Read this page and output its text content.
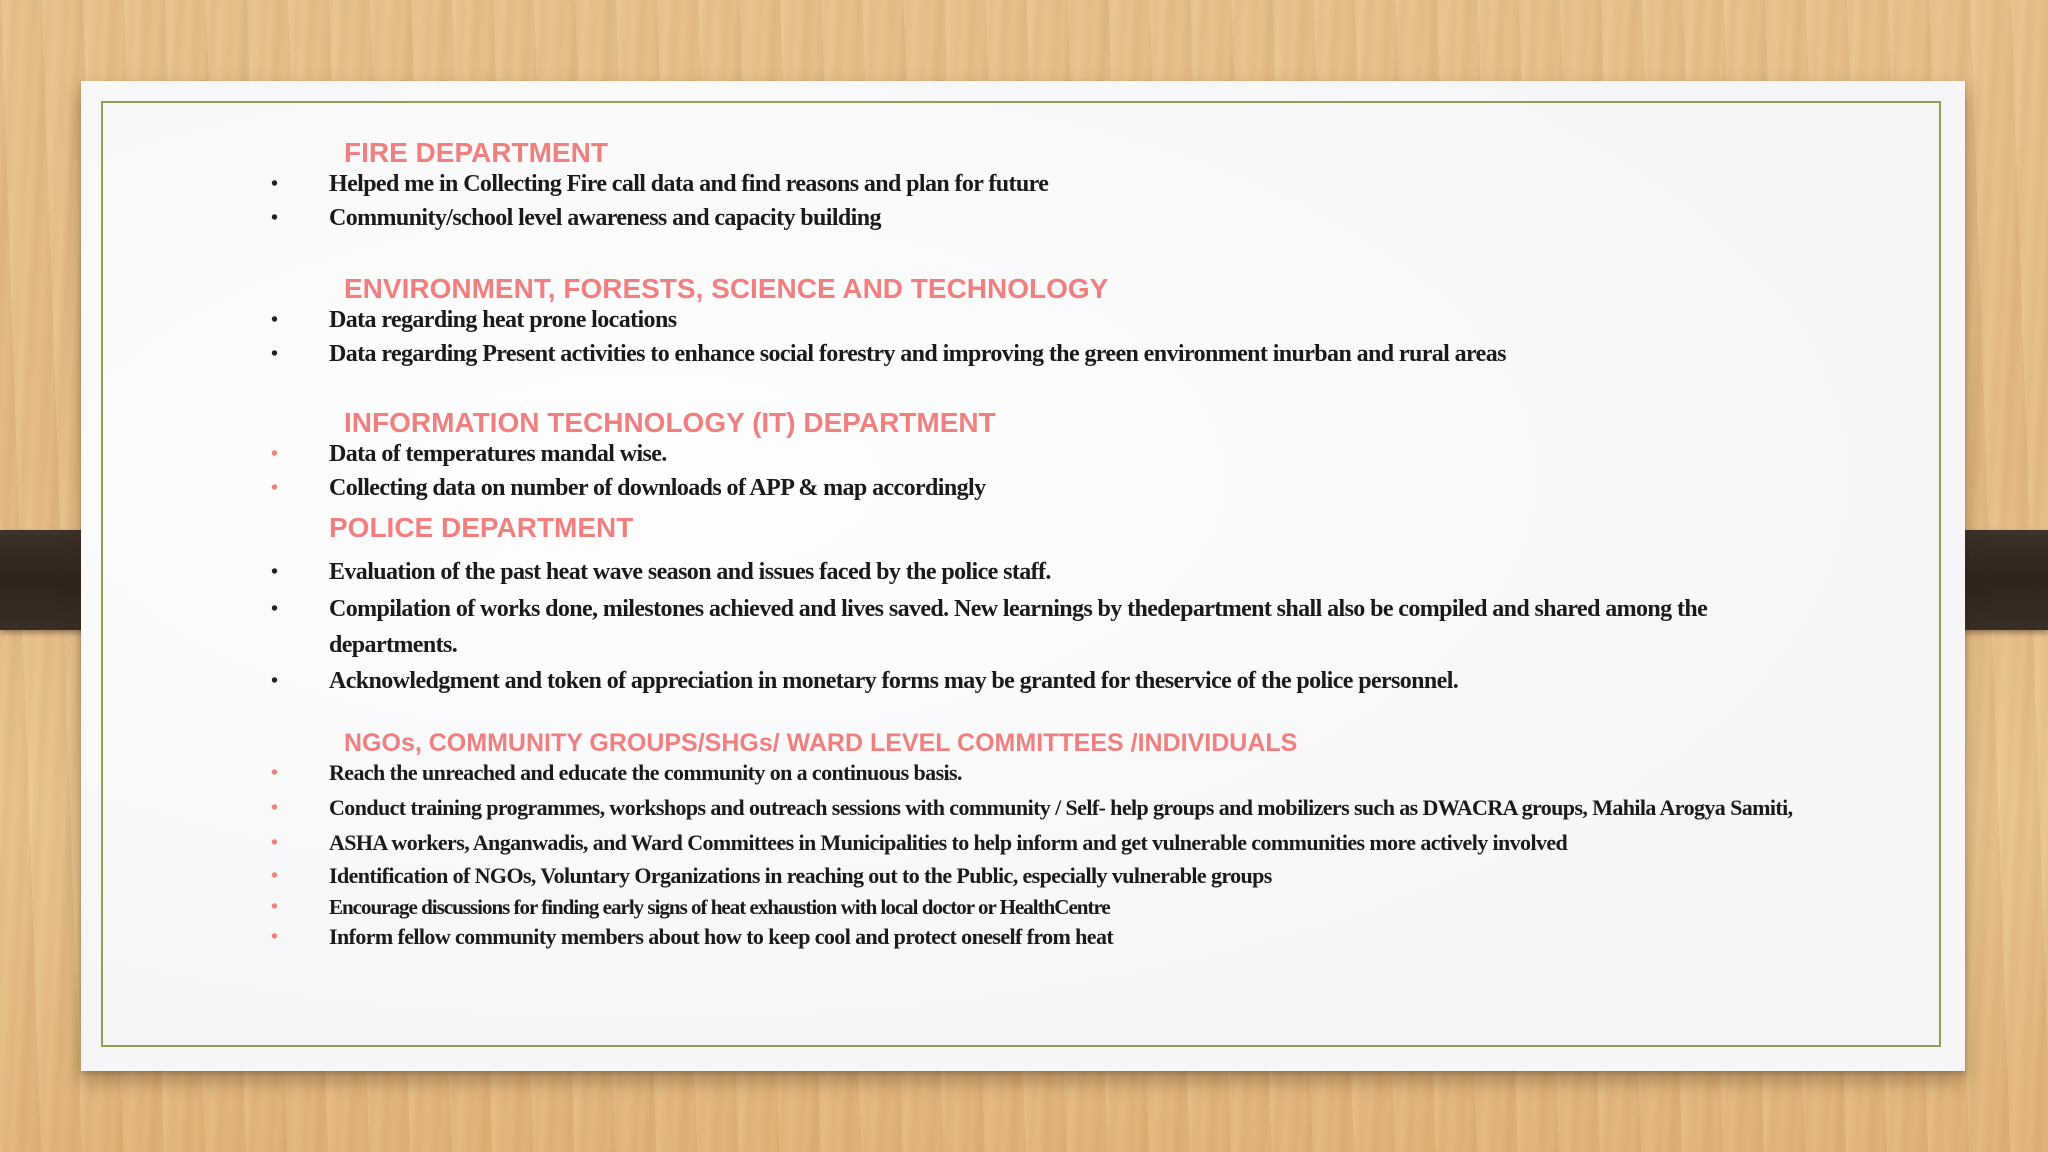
FIRE DEPARTMENT
• Helped me in Collecting Fire call data and find reasons and plan for future
• Community/school level awareness and capacity building
ENVIRONMENT, FORESTS, SCIENCE AND TECHNOLOGY
• Data regarding heat prone locations
• Data regarding Present activities to enhance social forestry and improving the green environment inurban and rural areas
INFORMATION TECHNOLOGY (IT) DEPARTMENT
• Data of temperatures mandal wise.
• Collecting data on number of downloads of APP & map accordingly
POLICE DEPARTMENT
• Evaluation of the past heat wave season and issues faced by the police staff.
• Compilation of works done, milestones achieved and lives saved. New learnings by thedepartment shall also be compiled and shared among the
departments.
• Acknowledgment and token of appreciation in monetary forms may be granted for theservice of the police personnel.
NGOs, COMMUNITY GROUPS/SHGs/ WARD LEVEL COMMITTEES /INDIVIDUALS
• Reach the unreached and educate the community on a continuous basis.
• Conduct training programmes, workshops and outreach sessions with community / Self- help groups and mobilizers such as DWACRA groups, Mahila Arogya Samiti,
• ASHA workers, Anganwadis, and Ward Committees in Municipalities to help inform and get vulnerable communities more actively involved
• Identification of NGOs, Voluntary Organizations in reaching out to the Public, especially vulnerable groups
• Encourage discussions for finding early signs of heat exhaustion with local doctor or HealthCentre
• Inform fellow community members about how to keep cool and protect oneself from heat
